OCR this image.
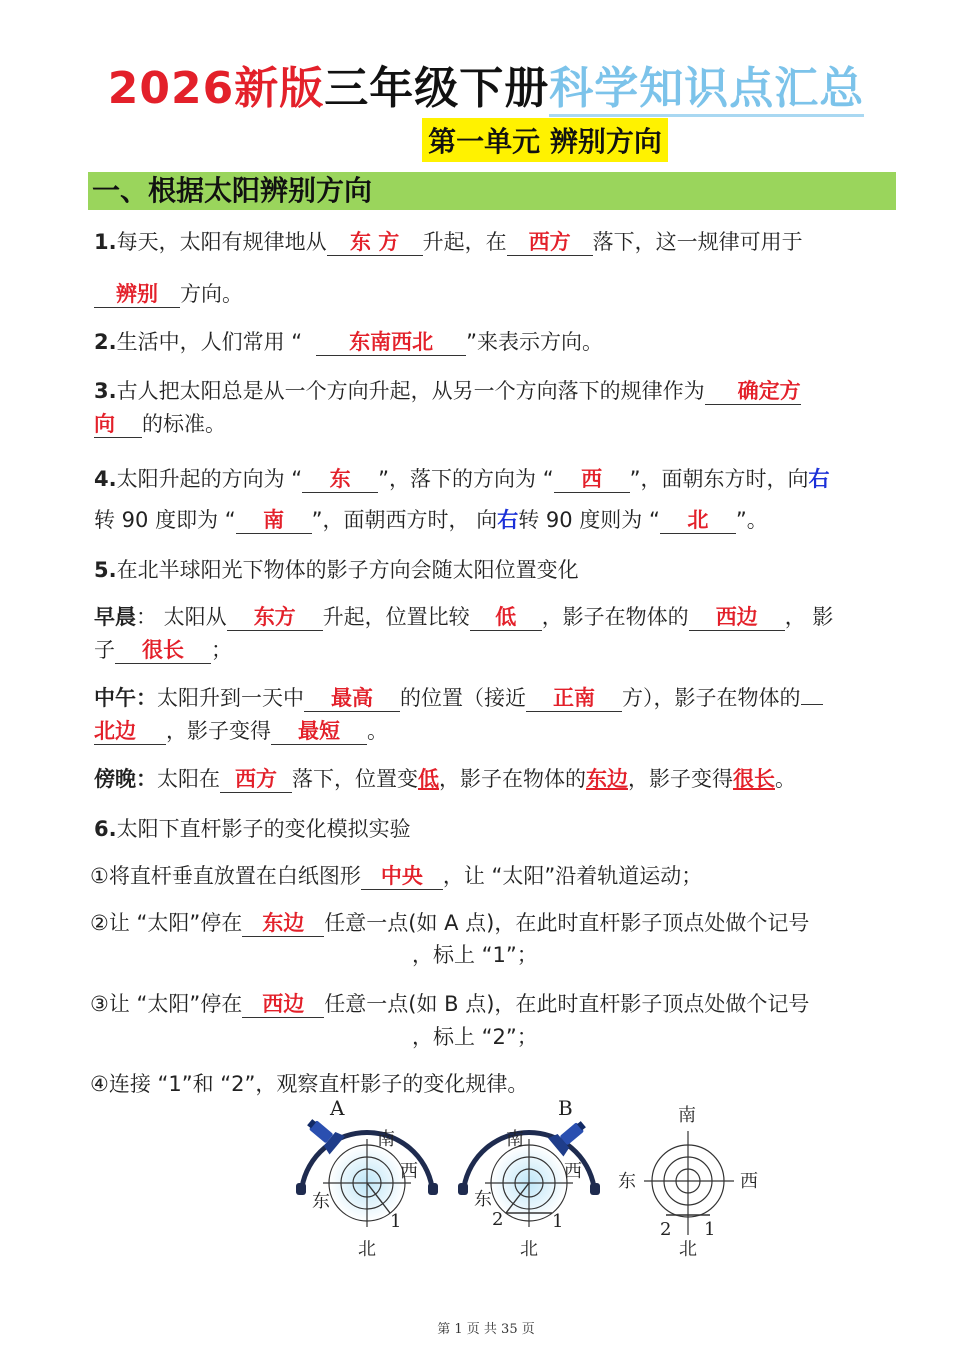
2026新版三年级下册科学知识点汇总
第一单元 辨别方向
一、根据太阳辨别方向
1.每天，太阳有规律地从 东 方 升起，在 西方 落下，这一规律可用于
辨别 方向。
2.生活中，人们常用 “ 东南西北 ”来表示方向。
3.古人把太阳总是从一个方向升起，从另一个方向落下的规律作为 确定方
向 的标准。
4.太阳升起的方向为 “ 东 ”，落下的方向为 “ 西 ”，面朝东方时，向右
转 90 度即为 “ 南 ”，面朝西方时， 向右转 90 度则为 “ 北 ”。
5.在北半球阳光下物体的影子方向会随太阳位置变化
早晨： 太阳从 东方 升起，位置比较 低 ，影子在物体的 西边 ， 影
子 很长 ；
中午：太阳升到一天中 最高 的位置（接近 正南 方），影子在物体的
北边 ，影子变得 最短 。
傍晚：太阳在 西方 落下，位置变低，影子在物体的东边，影子变得很长。
6.太阳下直杆影子的变化模拟实验
①将直杆垂直放置在白纸图形 中央 ，让 “太阳”沿着轨道运动；
②让 “太阳”停在 东边 任意一点(如 A 点)，在此时直杆影子顶点处做个记号
，标上 “1”；
③让 “太阳”停在 西边 任意一点(如 B 点)，在此时直杆影子顶点处做个记号
，标上 “2”；
④连接 “1”和 “2”，观察直杆影子的变化规律。
A
南
西
东
北
1
B
南
西
东
北
2	1
南
西
东
北
2 1
第 1 页 共 35 页
